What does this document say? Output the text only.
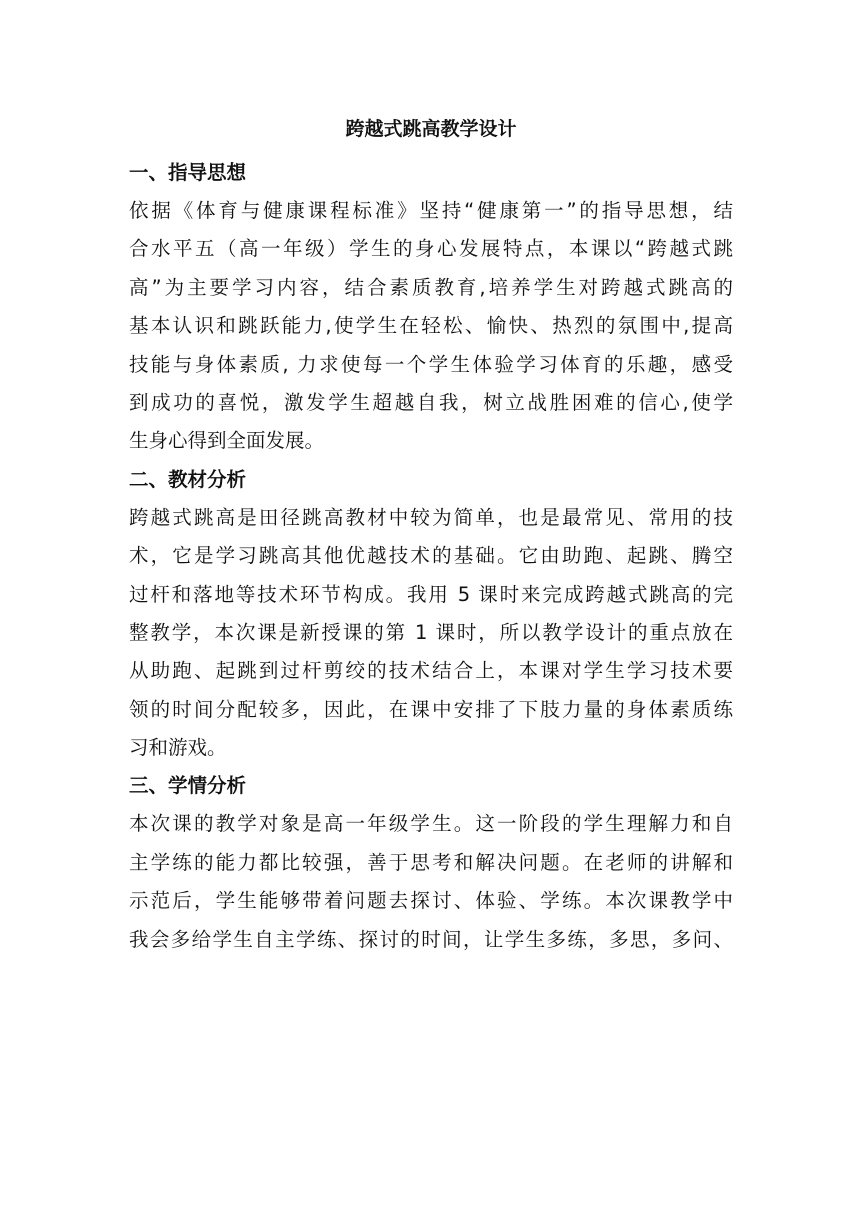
跨越式跳高教学设计
一、指导思想
依据《体育与健康课程标准》坚持“健康第一”的指导思想，结
合水平五（高一年级）学生的身心发展特点，本课以“跨越式跳
高”为主要学习内容，结合素质教育,培养学生对跨越式跳高的
基本认识和跳跃能力,使学生在轻松、愉快、热烈的氛围中,提高
技能与身体素质, 力求使每一个学生体验学习体育的乐趣，感受
到成功的喜悦，激发学生超越自我，树立战胜困难的信心,使学
生身心得到全面发展。
二、教材分析
跨越式跳高是田径跳高教材中较为简单，也是最常见、常用的技
术，它是学习跳高其他优越技术的基础。它由助跑、起跳、腾空
过杆和落地等技术环节构成。我用 5 课时来完成跨越式跳高的完
整教学，本次课是新授课的第 1 课时，所以教学设计的重点放在
从助跑、起跳到过杆剪绞的技术结合上，本课对学生学习技术要
领的时间分配较多，因此，在课中安排了下肢力量的身体素质练
习和游戏。
三、学情分析
本次课的教学对象是高一年级学生。这一阶段的学生理解力和自
主学练的能力都比较强，善于思考和解决问题。在老师的讲解和
示范后，学生能够带着问题去探讨、体验、学练。本次课教学中
我会多给学生自主学练、探讨的时间，让学生多练，多思，多问、
